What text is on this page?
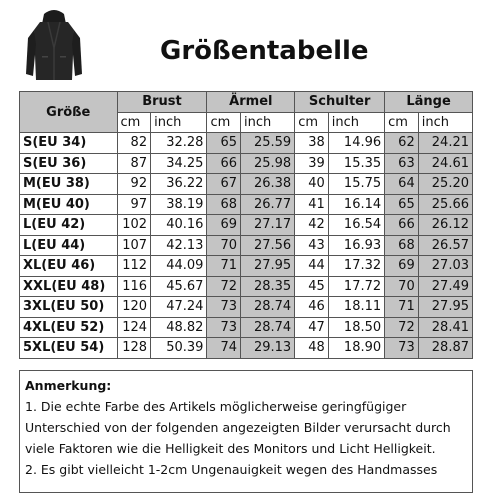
Größentabelle
Größe	Brust		Ärmel		Schulter		Länge	
	cm	inch	cm	inch	cm	inch	cm	inch
S(EU 34)	82	32.28	65	25.59	38	14.96	62	24.21
S(EU 36)	87	34.25	66	25.98	39	15.35	63	24.61
M(EU 38)	92	36.22	67	26.38	40	15.75	64	25.20
M(EU 40)	97	38.19	68	26.77	41	16.14	65	25.66
L(EU 42)	102	40.16	69	27.17	42	16.54	66	26.12
L(EU 44)	107	42.13	70	27.56	43	16.93	68	26.57
XL(EU 46)	112	44.09	71	27.95	44	17.32	69	27.03
XXL(EU 48)	116	45.67	72	28.35	45	17.72	70	27.49
3XL(EU 50)	120	47.24	73	28.74	46	18.11	71	27.95
4XL(EU 52)	124	48.82	73	28.74	47	18.50	72	28.41
5XL(EU 54)	128	50.39	74	29.13	48	18.90	73	28.87
Anmerkung:
1. Die echte Farbe des Artikels möglicherweise geringfügiger
Unterschied von der folgenden angezeigten Bilder verursacht durch
viele Faktoren wie die Helligkeit des Monitors und Licht Helligkeit.
2. Es gibt vielleicht 1-2cm Ungenauigkeit wegen des Handmasses
